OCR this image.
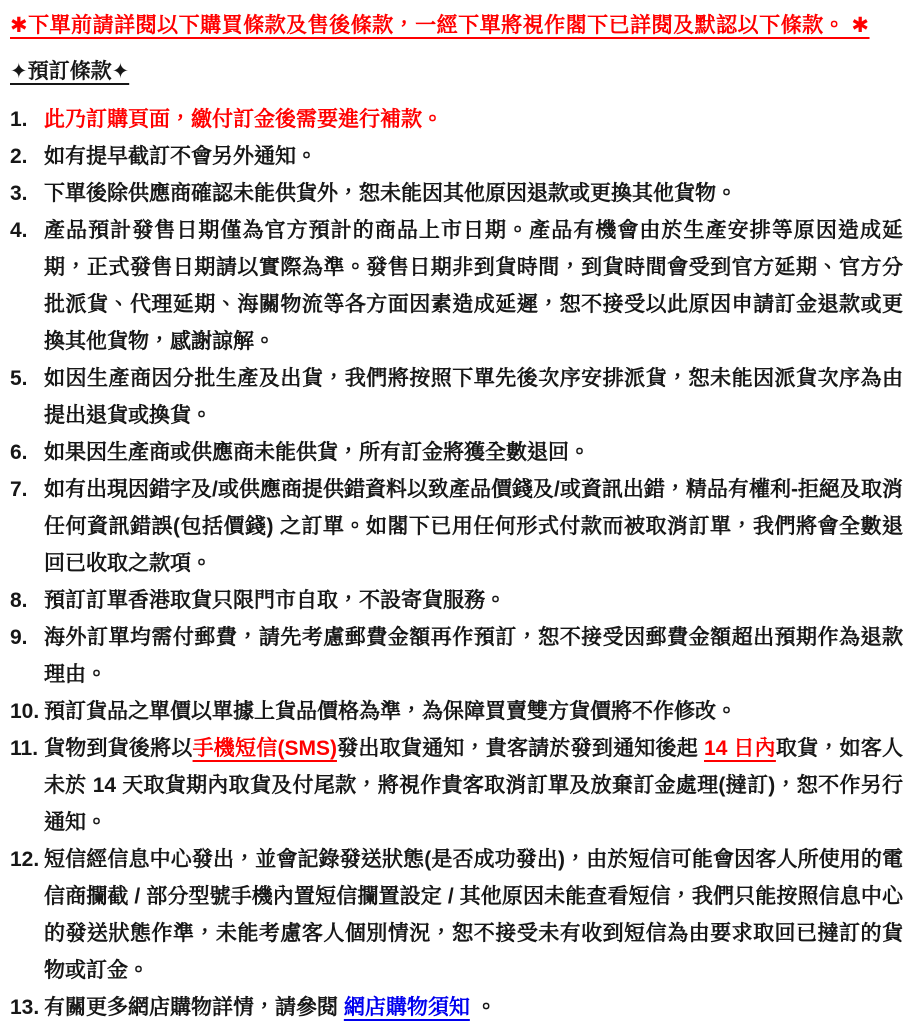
✱下單前請詳閱以下購買條款及售後條款，一經下單將視作閣下已詳閱及默認以下條款。 ✱
✦預訂條款✦
1. 此乃訂購頁面，繳付訂金後需要進行補款。
2. 如有提早截訂不會另外通知。
3. 下單後除供應商確認未能供貨外，恕未能因其他原因退款或更換其他貨物。
4. 產品預計發售日期僅為官方預計的商品上市日期。產品有機會由於生產安排等原因造成延期，正式發售日期請以實際為準。發售日期非到貨時間，到貨時間會受到官方延期、官方分批派貨、代理延期、海關物流等各方面因素造成延遲，恕不接受以此原因申請訂金退款或更換其他貨物，感謝諒解。
5. 如因生產商因分批生產及出貨，我們將按照下單先後次序安排派貨，恕未能因派貨次序為由提出退貨或換貨。
6. 如果因生產商或供應商未能供貨，所有訂金將獲全數退回。
7. 如有出現因錯字及/或供應商提供錯資料以致產品價錢及/或資訊出錯，精品有權利-拒絕及取消任何資訊錯誤(包括價錢) 之訂單。如閣下已用任何形式付款而被取消訂單，我們將會全數退回已收取之款項。
8. 預訂訂單香港取貨只限門市自取，不設寄貨服務。
9. 海外訂單均需付郵費，請先考慮郵費金額再作預訂，恕不接受因郵費金額超出預期作為退款理由。
10. 預訂貨品之單價以單據上貨品價格為準，為保障買賣雙方貨價將不作修改。
11. 貨物到貨後將以手機短信(SMS)發出取貨通知，貴客請於發到通知後起 14 日內取貨，如客人未於 14 天取貨期內取貨及付尾款，將視作貴客取消訂單及放棄訂金處理(撻訂)，恕不作另行通知。
12. 短信經信息中心發出，並會記錄發送狀態(是否成功發出)，由於短信可能會因客人所使用的電信商攔截 / 部分型號手機內置短信攔置設定 / 其他原因未能查看短信，我們只能按照信息中心的發送狀態作準，未能考慮客人個別情況，恕不接受未有收到短信為由要求取回已撻訂的貨物或訂金。
13. 有關更多網店購物詳情，請參閱 網店購物須知 。
